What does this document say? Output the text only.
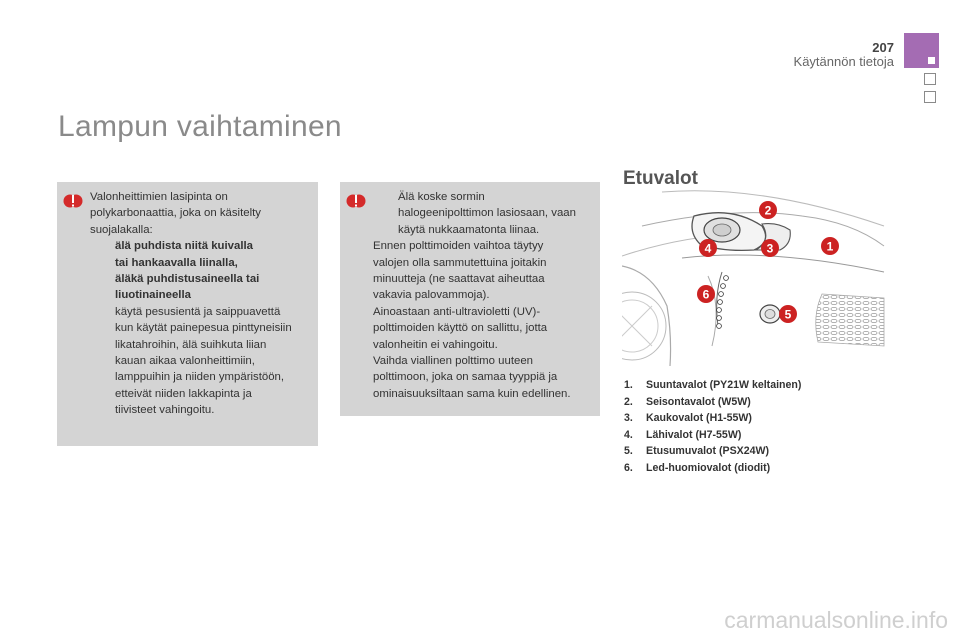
207
Käytännön tietoja
Lampun vaihtaminen
Valonheittimien lasipinta on
polykarbonaattia, joka on käsitelty
suojalakalla:
älä puhdista niitä kuivalla
tai hankaavalla liinalla,
äläkä puhdistusaineella tai
liuotinaineella
käytä pesusientä ja saippuavettä
kun käytät painepesua pinttyneisiin
likatahroihin, älä suihkuta liian
kauan aikaa valonheittimiin,
lamppuihin ja niiden ympäristöön,
etteivät niiden lakkapinta ja
tiivisteet vahingoitu.
Älä koske sormin
halogeenipolttimon lasiosaan, vaan
käytä nukkaamatonta liinaa.
Ennen polttimoiden vaihtoa täytyy
valojen olla sammutettuina joitakin
minuutteja (ne saattavat aiheuttaa
vakavia palovammoja).
Ainoastaan anti-ultravioletti (UV)-
polttimoiden käyttö on sallittu, jotta
valonheitin ei vahingoitu.
Vaihda viallinen polttimo uuteen
polttimoon, joka on samaa tyyppiä ja
ominaisuuksiltaan sama kuin edellinen.
Etuvalot
2
1
3
4
5
6
1.	Suuntavalot (PY21W keltainen)
2.	Seisontavalot (W5W)
3.	Kaukovalot (H1-55W)
4.	Lähivalot (H7-55W)
5.	Etusumuvalot (PSX24W)
6.	Led-huomiovalot (diodit)
carmanualsonline.info
